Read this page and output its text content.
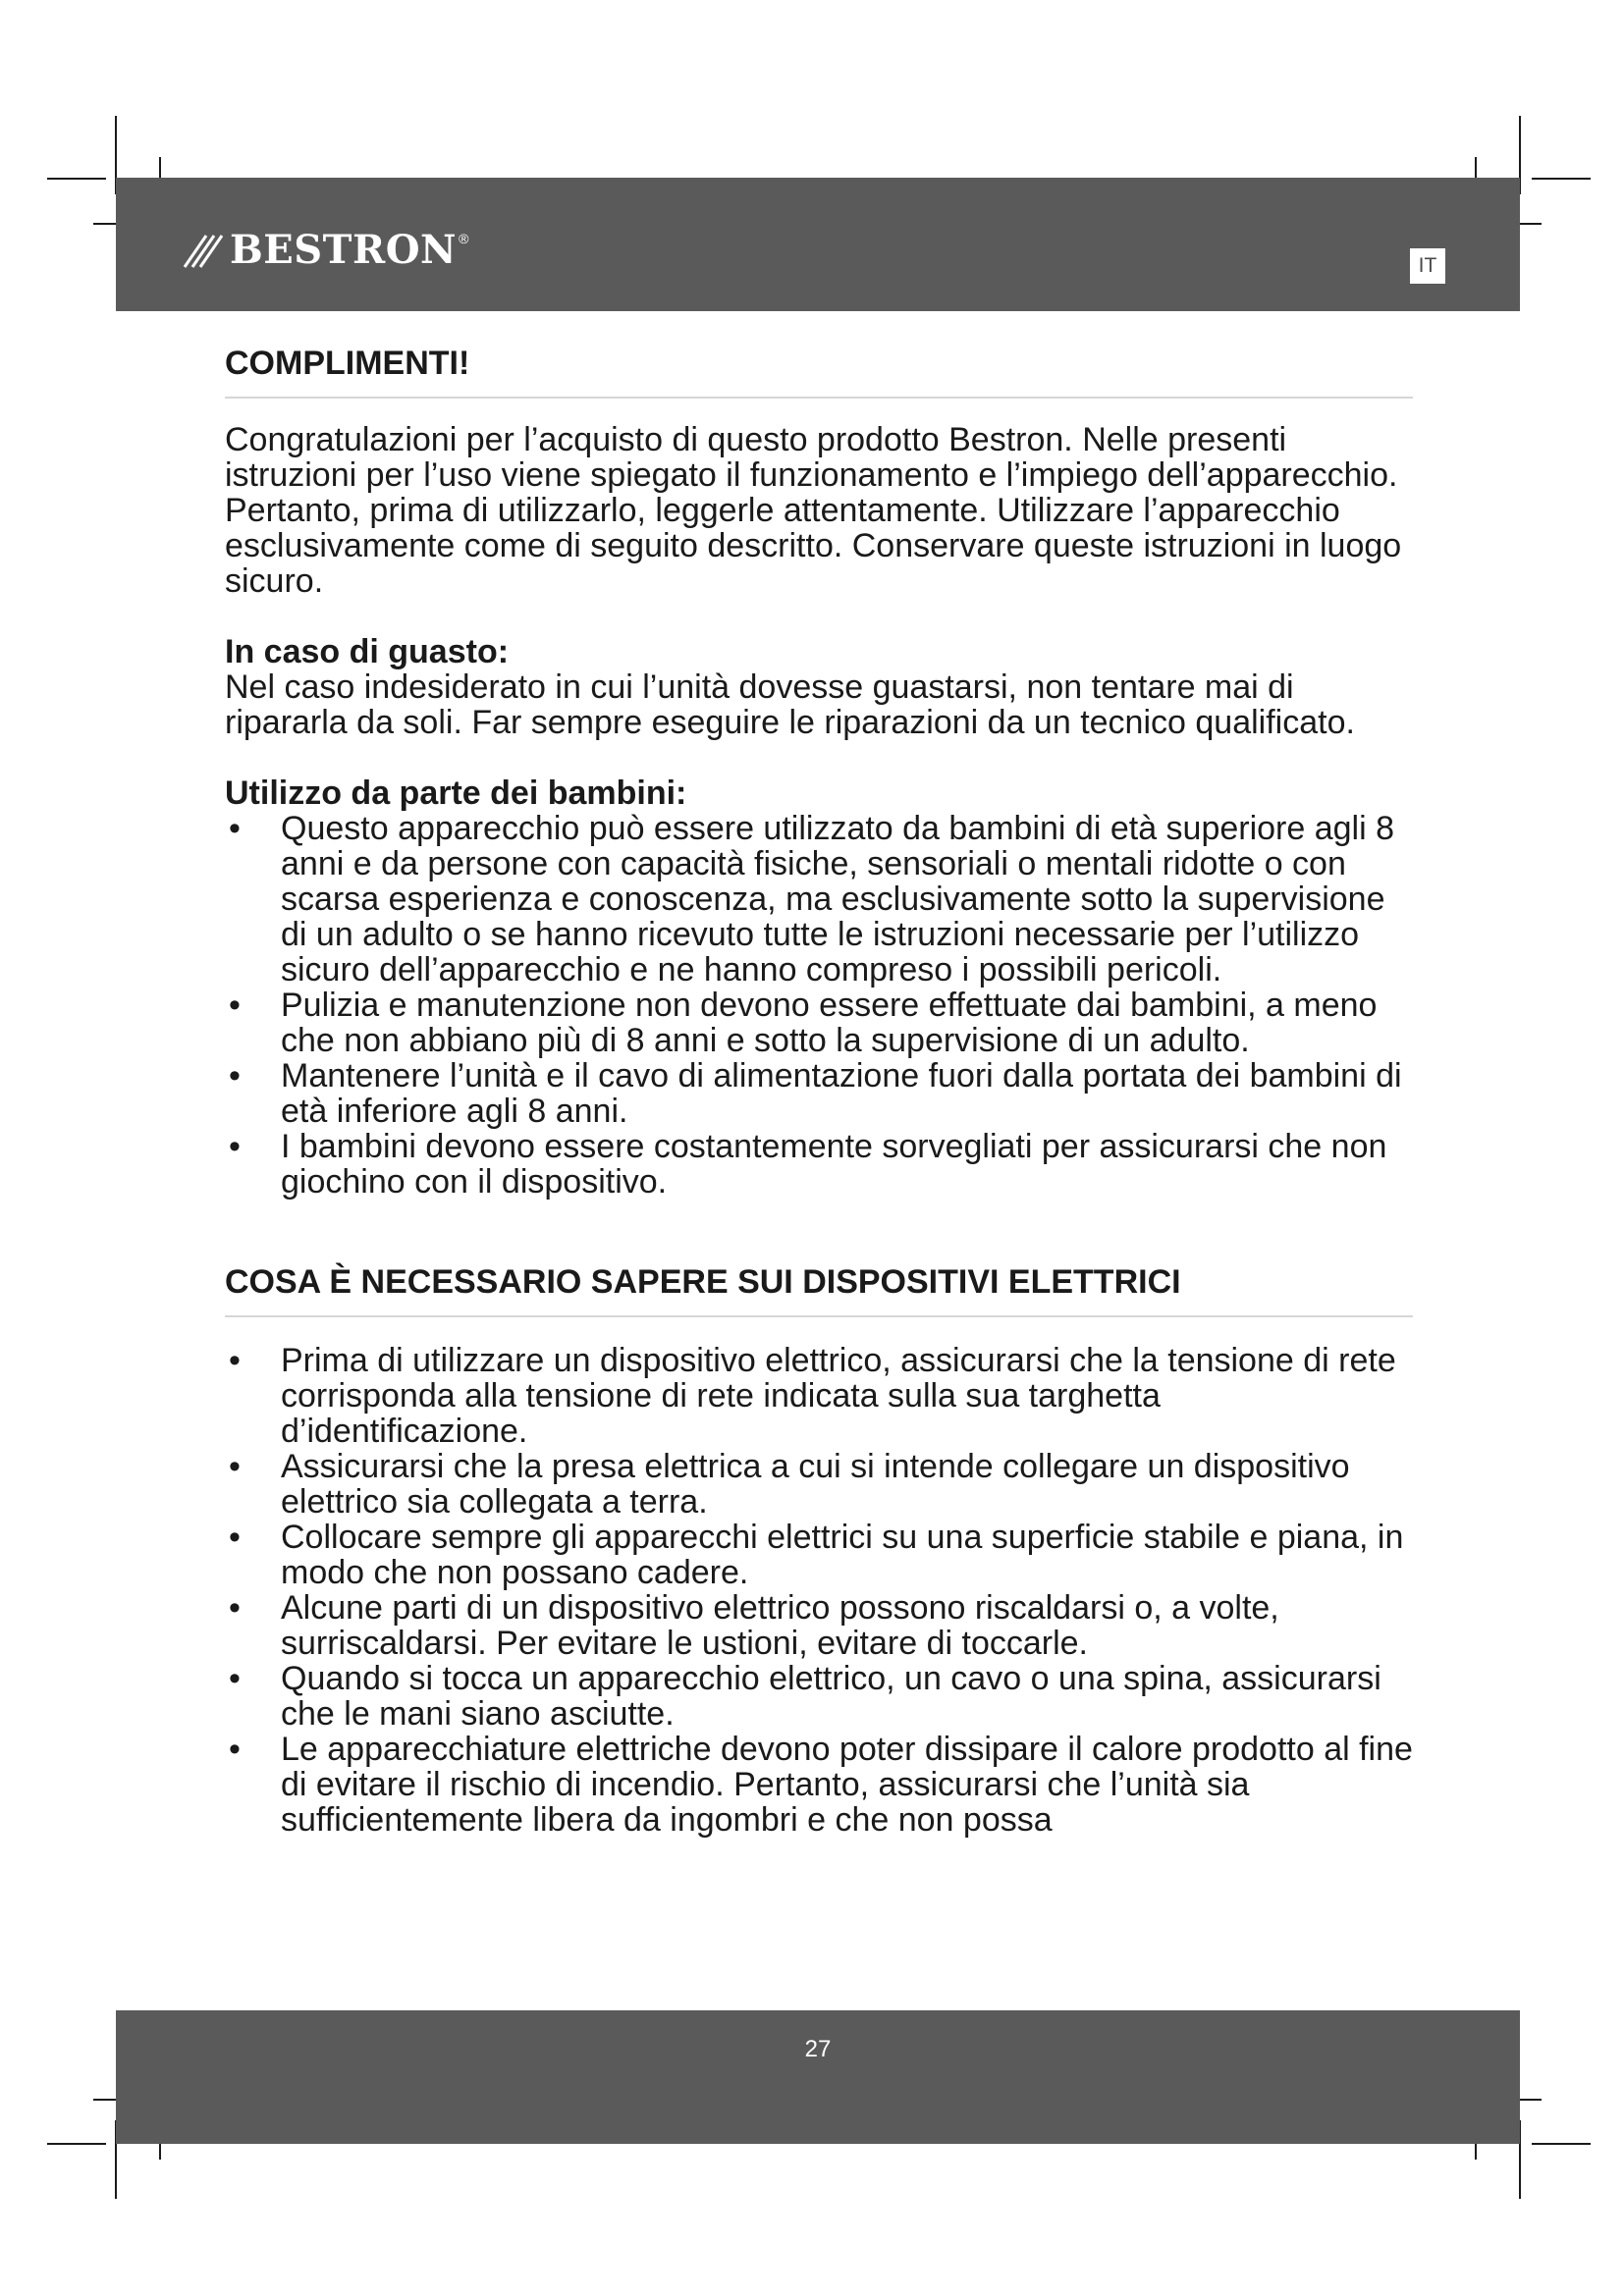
BESTRON ®
IT
COMPLIMENTI!

Congratulazioni per l’acquisto di questo prodotto Bestron. Nelle presenti istruzioni per l’uso viene spiegato il funzionamento e l’impiego dell’apparecchio. Pertanto, prima di utilizzarlo, leggerle attentamente. Utilizzare l’apparecchio esclusivamente come di seguito descritto. Conservare queste istruzioni in luogo sicuro.

In caso di guasto:

Nel caso indesiderato in cui l’unità dovesse guastarsi, non tentare mai di ripararla da soli. Far sempre eseguire le riparazioni da un tecnico qualificato.

Utilizzo da parte dei bambini:

• Questo apparecchio può essere utilizzato da bambini di età superiore agli 8 anni e da persone con capacità fisiche, sensoriali o mentali ridotte o con scarsa esperienza e conoscenza, ma esclusivamente sotto la supervisione di un adulto o se hanno ricevuto tutte le istruzioni necessarie per l’utilizzo sicuro dell’apparecchio e ne hanno compreso i possibili pericoli.
• Pulizia e manutenzione non devono essere effettuate dai bambini, a meno che non abbiano più di 8 anni e sotto la supervisione di un adulto.
• Mantenere l’unità e il cavo di alimentazione fuori dalla portata dei bambini di età inferiore agli 8 anni.
• I bambini devono essere costantemente sorvegliati per assicurarsi che non giochino con il dispositivo.
COSA È NECESSARIO SAPERE SUI DISPOSITIVI ELETTRICI
• Prima di utilizzare un dispositivo elettrico, assicurarsi che la tensione di rete corrisponda alla tensione di rete indicata sulla sua targhetta d’identificazione.
• Assicurarsi che la presa elettrica a cui si intende collegare un dispositivo elettrico sia collegata a terra.
• Collocare sempre gli apparecchi elettrici su una superficie stabile e piana, in modo che non possano cadere.
• Alcune parti di un dispositivo elettrico possono riscaldarsi o, a volte, surriscaldarsi. Per evitare le ustioni, evitare di toccarle.
• Quando si tocca un apparecchio elettrico, un cavo o una spina, assicurarsi che le mani siano asciutte.
• Le apparecchiature elettriche devono poter dissipare il calore prodotto al fine di evitare il rischio di incendio. Pertanto, assicurarsi che l’unità sia sufficientemente libera da ingombri e che non possa
27
